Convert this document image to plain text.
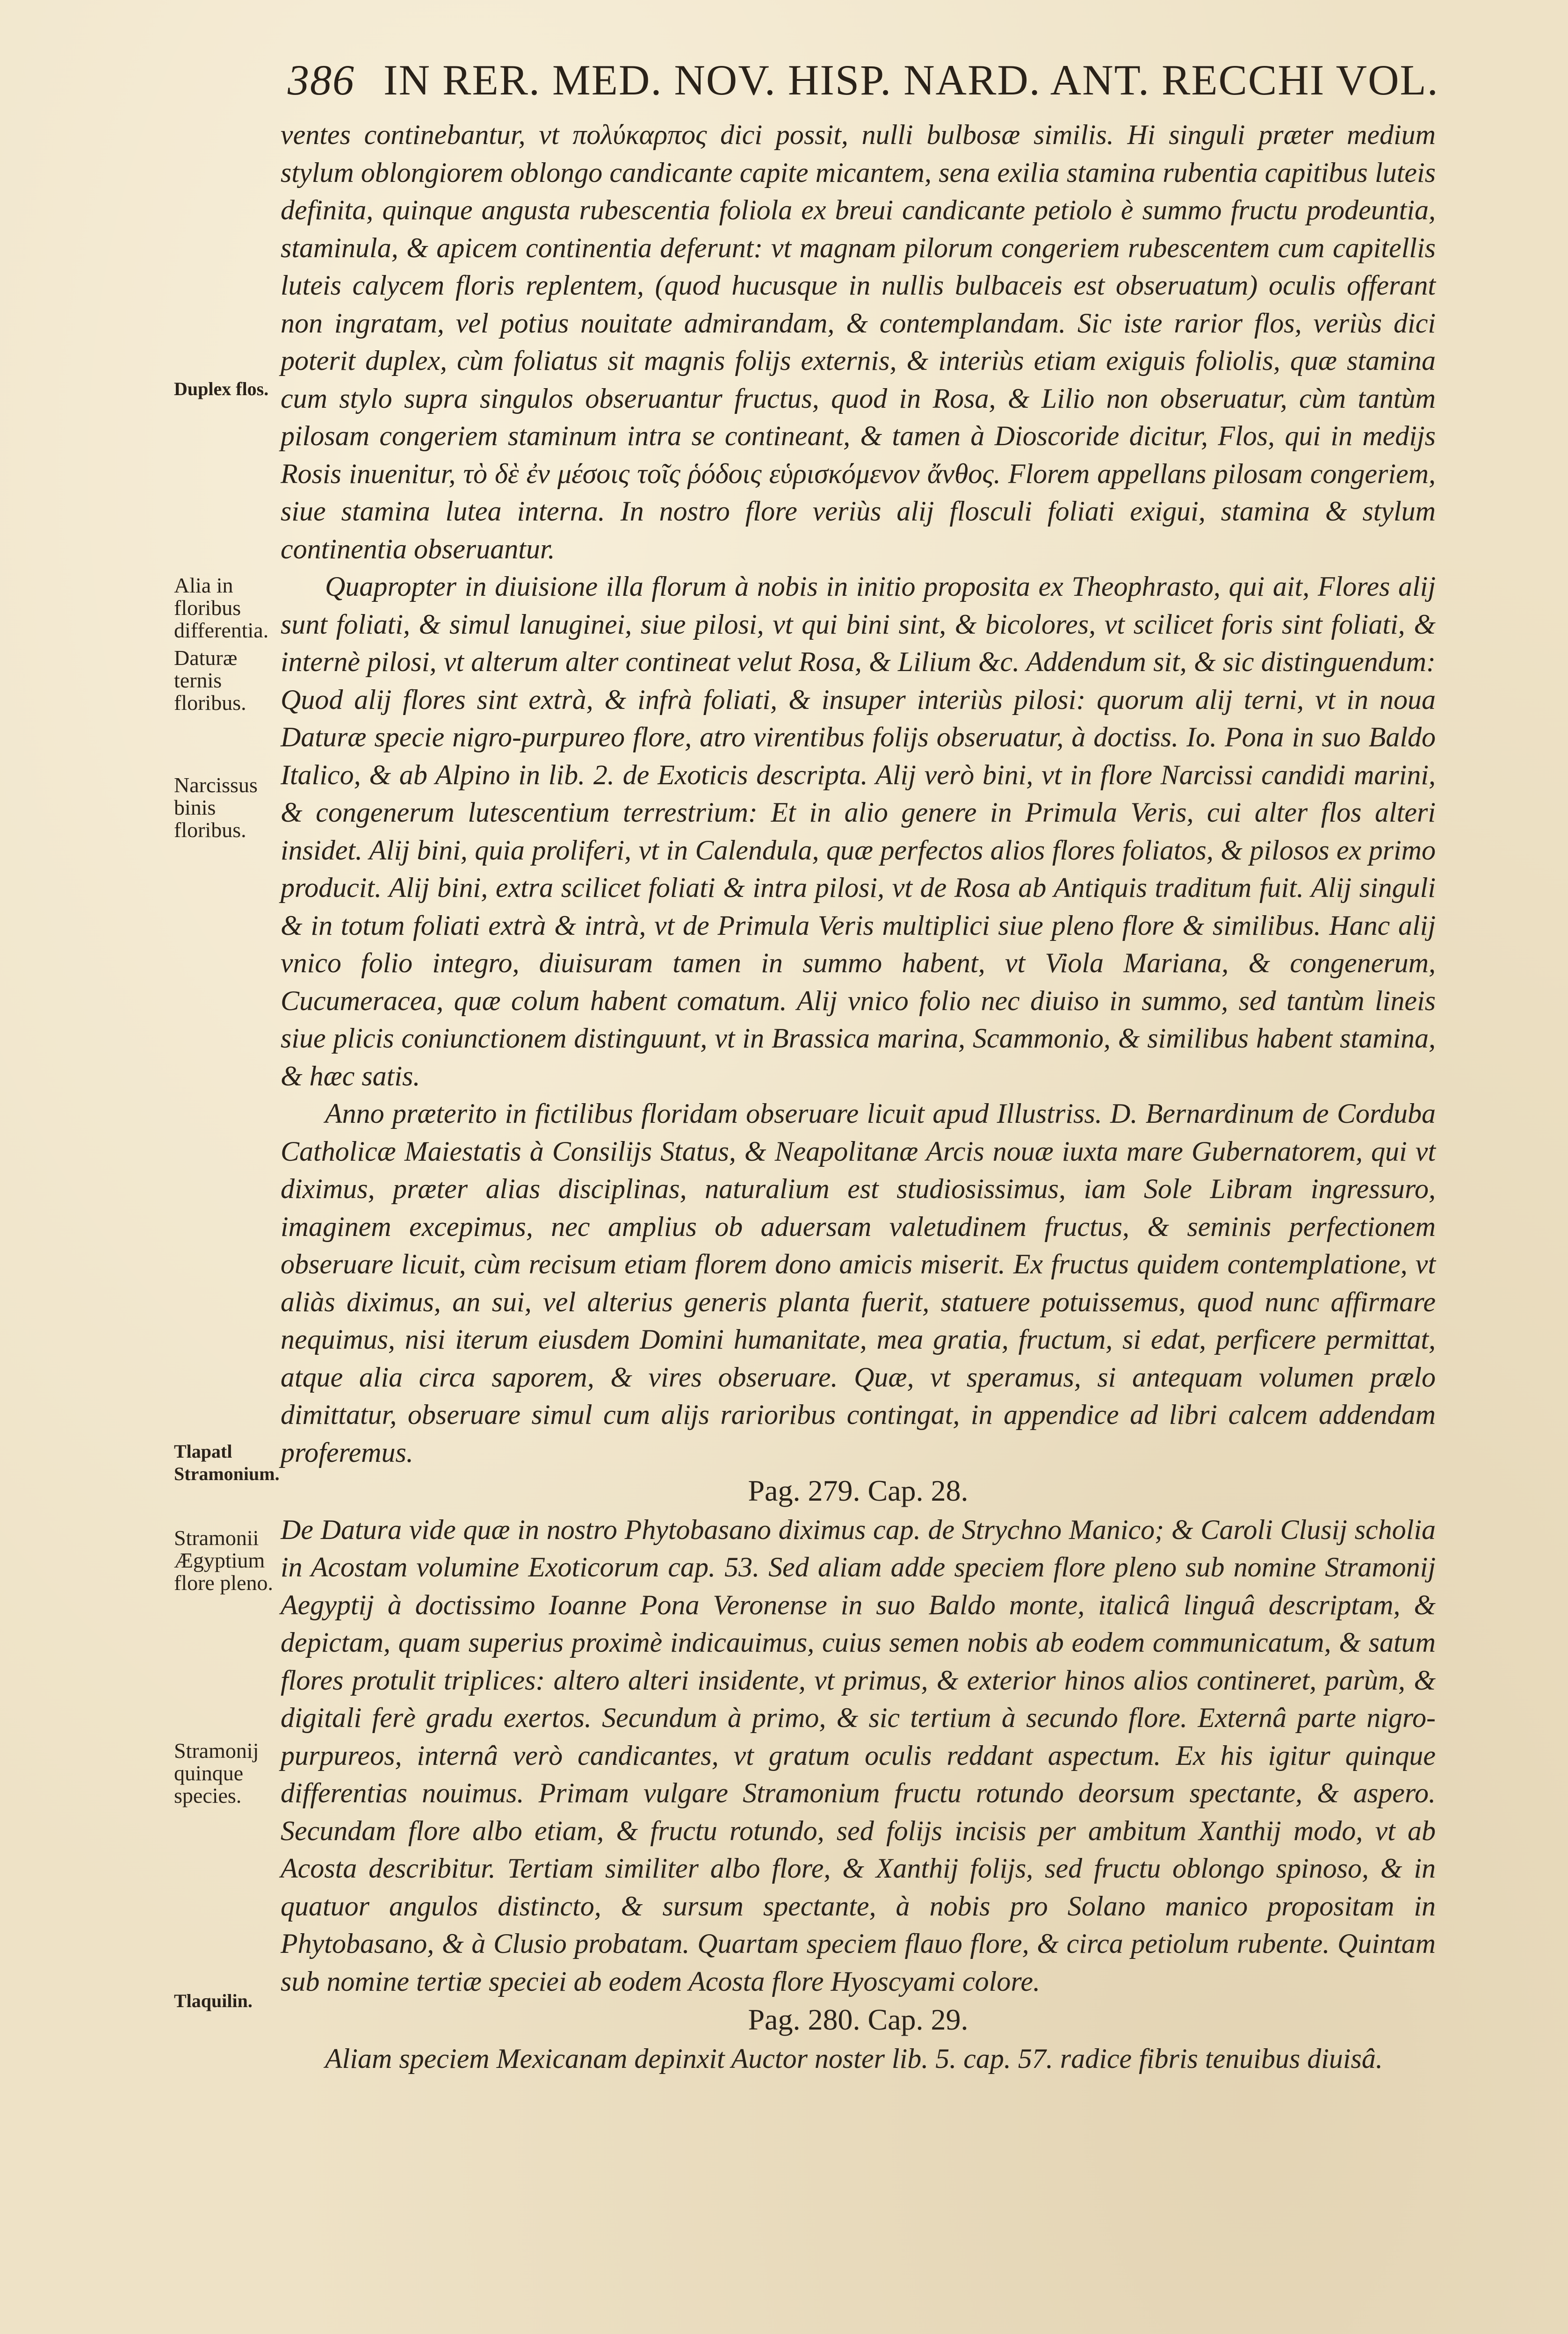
386 IN RER. MED. NOV. HISP. NARD. ANT. RECCHI VOL.
Duplex flos.
Alia in floribus differentia.
Daturæ ternis floribus.
Narcissus binis floribus.
Tlapatl Stramonium.
Stramonii Ægyptium flore pleno.
Stramonij quinque species.
Tlaquilin.

ventes continebantur, vt πολύκαρπος dici possit, nulli bulbosæ similis. Hi singuli præter medium stylum oblongiorem oblongo candicante capite micantem, sena exilia stamina rubentia capitibus luteis definita, quinque angusta rubescentia foliola ex breui candicante petiolo è summo fructu prodeuntia, staminula, & apicem continentia deferunt: vt magnam pilorum congeriem rubescentem cum capitellis luteis calycem floris replentem, (quod hucusque in nullis bulbaceis est obseruatum) oculis offerant non ingratam, vel potius nouitate admirandam, & contemplandam. Sic iste rarior flos, veriùs dici poterit duplex, cùm foliatus sit magnis folijs externis, & interiùs etiam exiguis foliolis, quæ stamina cum stylo supra singulos obseruantur fructus, quod in Rosa, & Lilio non obseruatur, cùm tantùm pilosam congeriem staminum intra se contineant, & tamen à Dioscoride dicitur, Flos, qui in medijs Rosis inuenitur, τὸ δὲ ἐν μέσοις τοῖς ῥόδοις εὑρισκόμενον ἄνθος. Florem appellans pilosam congeriem, siue stamina lutea interna. In nostro flore veriùs alij flosculi foliati exigui, stamina & stylum continentia obseruantur.

Quapropter in diuisione illa florum à nobis in initio proposita ex Theophrasto, qui ait, Flores alij sunt foliati, & simul lanuginei, siue pilosi, vt qui bini sint, & bicolores, vt scilicet foris sint foliati, & internè pilosi, vt alterum alter contineat velut Rosa, & Lilium &c. Addendum sit, & sic distinguendum: Quod alij flores sint extrà, & infrà foliati, & insuper interiùs pilosi: quorum alij terni, vt in noua Daturæ specie nigro-purpureo flore, atro virentibus folijs obseruatur, à doctiss. Io. Pona in suo Baldo Italico, & ab Alpino in lib. 2. de Exoticis descripta. Alij verò bini, vt in flore Narcissi candidi marini, & congenerum lutescentium terrestrium: Et in alio genere in Primula Veris, cui alter flos alteri insidet. Alij bini, quia proliferi, vt in Calendula, quæ perfectos alios flores foliatos, & pilosos ex primo producit. Alij bini, extra scilicet foliati & intra pilosi, vt de Rosa ab Antiquis traditum fuit. Alij singuli & in totum foliati extrà & intrà, vt de Primula Veris multiplici siue pleno flore & similibus. Hanc alij vnico folio integro, diuisuram tamen in summo habent, vt Viola Mariana, & congenerum, Cucumeracea, quæ colum habent comatum. Alij vnico folio nec diuiso in summo, sed tantùm lineis siue plicis coniunctionem distinguunt, vt in Brassica marina, Scammonio, & similibus habent stamina, & hæc satis.

Anno præterito in fictilibus floridam obseruare licuit apud Illustriss. D. Bernardinum de Corduba Catholicæ Maiestatis à Consilijs Status, & Neapolitanæ Arcis nouæ iuxta mare Gubernatorem, qui vt diximus, præter alias disciplinas, naturalium est studiosissimus, iam Sole Libram ingressuro, imaginem excepimus, nec amplius ob aduersam valetudinem fructus, & seminis perfectionem obseruare licuit, cùm recisum etiam florem dono amicis miserit. Ex fructus quidem contemplatione, vt aliàs diximus, an sui, vel alterius generis planta fuerit, statuere potuissemus, quod nunc affirmare nequimus, nisi iterum eiusdem Domini humanitate, mea gratia, fructum, si edat, perficere permittat, atque alia circa saporem, & vires obseruare. Quæ, vt speramus, si antequam volumen prælo dimittatur, obseruare simul cum alijs rarioribus contingat, in appendice ad libri calcem addendam proferemus.

Pag. 279. Cap. 28.

De Datura vide quæ in nostro Phytobasano diximus cap. de Strychno Manico; & Caroli Clusij scholia in Acostam volumine Exoticorum cap. 53. Sed aliam adde speciem flore pleno sub nomine Stramonij Aegyptij à doctissimo Ioanne Pona Veronense in suo Baldo monte, italicâ linguâ descriptam, & depictam, quam superius proximè indicauimus, cuius semen nobis ab eodem communicatum, & satum flores protulit triplices: altero alteri insidente, vt primus, & exterior hinos alios contineret, parùm, & digitali ferè gradu exertos. Secundum à primo, & sic tertium à secundo flore. Externâ parte nigro-purpureos, internâ verò candicantes, vt gratum oculis reddant aspectum. Ex his igitur quinque differentias nouimus. Primam vulgare Stramonium fructu rotundo deorsum spectante, & aspero. Secundam flore albo etiam, & fructu rotundo, sed folijs incisis per ambitum Xanthij modo, vt ab Acosta describitur. Tertiam similiter albo flore, & Xanthij folijs, sed fructu oblongo spinoso, & in quatuor angulos distincto, & sursum spectante, à nobis pro Solano manico propositam in Phytobasano, & à Clusio probatam. Quartam speciem flauo flore, & circa petiolum rubente. Quintam sub nomine tertiæ speciei ab eodem Acosta flore Hyoscyami colore.

Pag. 280. Cap. 29.

Aliam speciem Mexicanam depinxit Auctor noster lib. 5. cap. 57. radice fibris tenuibus diuisâ.
